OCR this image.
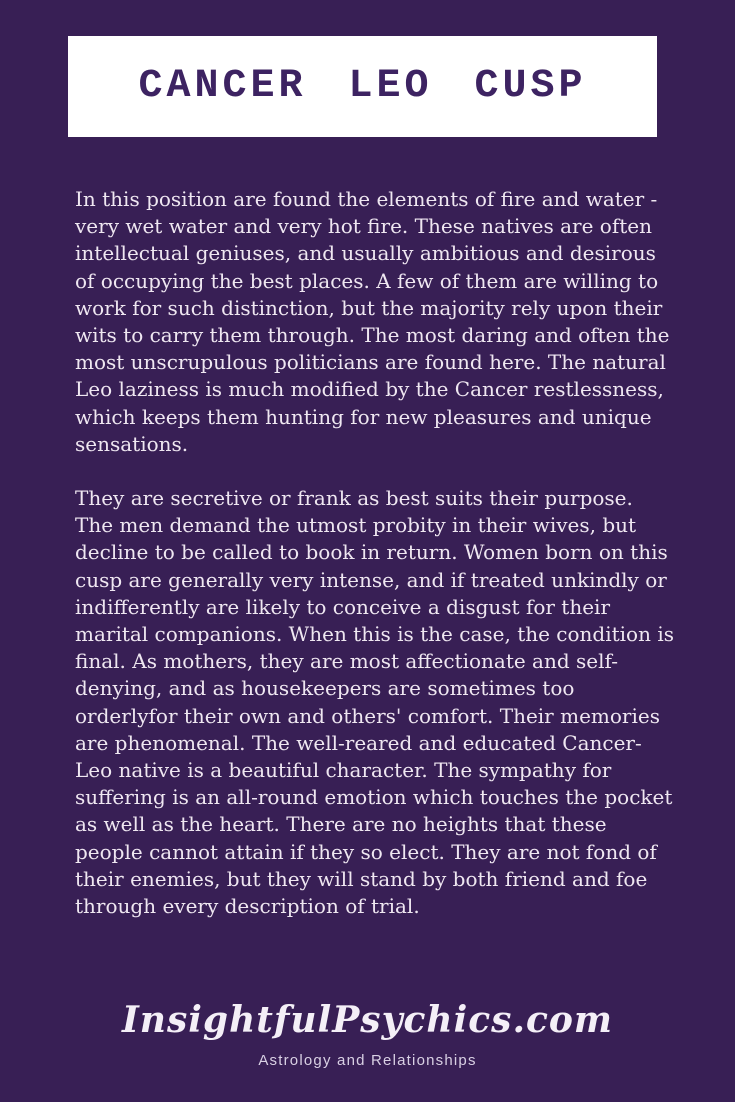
CANCER LEO CUSP

In this position are found the elements of fire and water - very wet water and very hot fire. These natives are often intellectual geniuses, and usually ambitious and desirous of occupying the best places. A few of them are willing to work for such distinction, but the majority rely upon their wits to carry them through. The most daring and often the most unscrupulous politicians are found here. The natural Leo laziness is much modified by the Cancer restlessness, which keeps them hunting for new pleasures and unique sensations.

They are secretive or frank as best suits their purpose. The men demand the utmost probity in their wives, but decline to be called to book in return. Women born on this cusp are generally very intense, and if treated unkindly or indifferently are likely to conceive a disgust for their marital companions. When this is the case, the condition is final. As mothers, they are most affectionate and self-denying, and as housekeepers are sometimes too orderlyfor their own and others' comfort. Their memories are phenomenal. The well-reared and educated Cancer-Leo native is a beautiful character. The sympathy for suffering is an all-round emotion which touches the pocket as well as the heart. There are no heights that these people cannot attain if they so elect. They are not fond of their enemies, but they will stand by both friend and foe through every description of trial.

InsightfulPsychics.com
Astrology and Relationships
